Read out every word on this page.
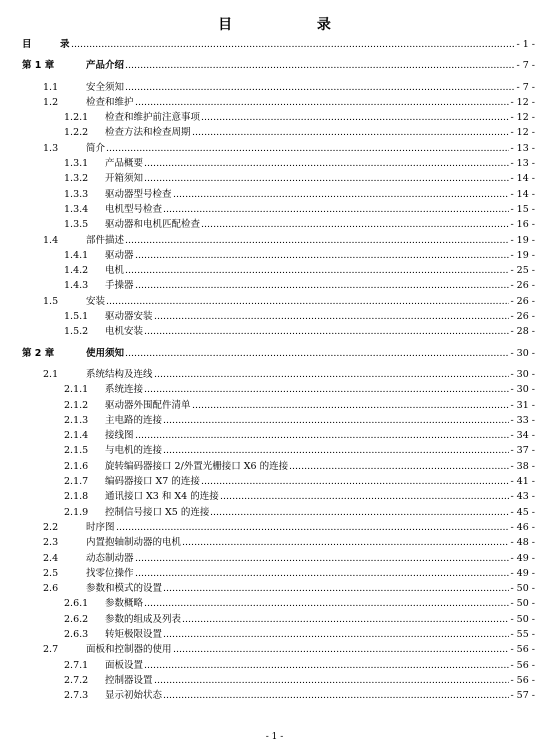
目 录
目 .....	录	- 1 -
第 1 章 .....	产品介绍	- 7 -
1.1 .....	安全须知	- 7 -
1.2 .....	检查和维护	- 12 -
1.2.1 ..... 检查和维护前注意事项	- 12 -
1.2.2 ..... 检查方法和检查周期	- 12 -
1.3 .....	简介	- 13 -
1.3.1 ..... 产品概要	- 13 -
1.3.2 ..... 开箱须知	- 14 -
1.3.3 ..... 驱动器型号检查	- 14 -
1.3.4 ..... 电机型号检查	- 15 -
1.3.5 ..... 驱动器和电机匹配检查	- 16 -
1.4 .....	部件描述	- 19 -
1.4.1 ..... 驱动器	- 19 -
1.4.2 ..... 电机	- 25 -
1.4.3 ..... 手操器	- 26 -
1.5 .....	安装	- 26 -
1.5.1 ..... 驱动器安装	- 26 -
1.5.2 ..... 电机安装	- 28 -
第 2 章 .....	使用须知	- 30 -
2.1 .....	系统结构及连线	- 30 -
2.1.1 ..... 系统连接	- 30 -
2.1.2 ..... 驱动器外围配件清单	- 31 -
2.1.3 ..... 主电路的连接	- 33 -
2.1.4 ..... 接线图	- 34 -
2.1.5 ..... 与电机的连接	- 37 -
2.1.6 ..... 旋转编码器接口 2/外置光栅接口 X6 的连接	- 38 -
2.1.7 ..... 编码器接口 X7 的连接	- 41 -
2.1.8 ..... 通讯接口 X3 和 X4 的连接	- 43 -
2.1.9 ..... 控制信号接口 X5 的连接	- 45 -
2.2 .....	时序图	- 46 -
2.3 .....	内置抱轴制动器的电机	- 48 -
2.4 .....	动态制动器	- 49 -
2.5 .....	找零位操作	- 49 -
2.6 .....	参数和模式的设置	- 50 -
2.6.1 ..... 参数概略	- 50 -
2.6.2 ..... 参数的组成及列表	- 50 -
2.6.3 ..... 转矩极限设置	- 55 -
2.7 .....	面板和控制器的使用	- 56 -
2.7.1 ..... 面板设置	- 56 -
2.7.2 ..... 控制器设置	- 56 -
2.7.3 ..... 显示初始状态	- 57 -
- 1 -
